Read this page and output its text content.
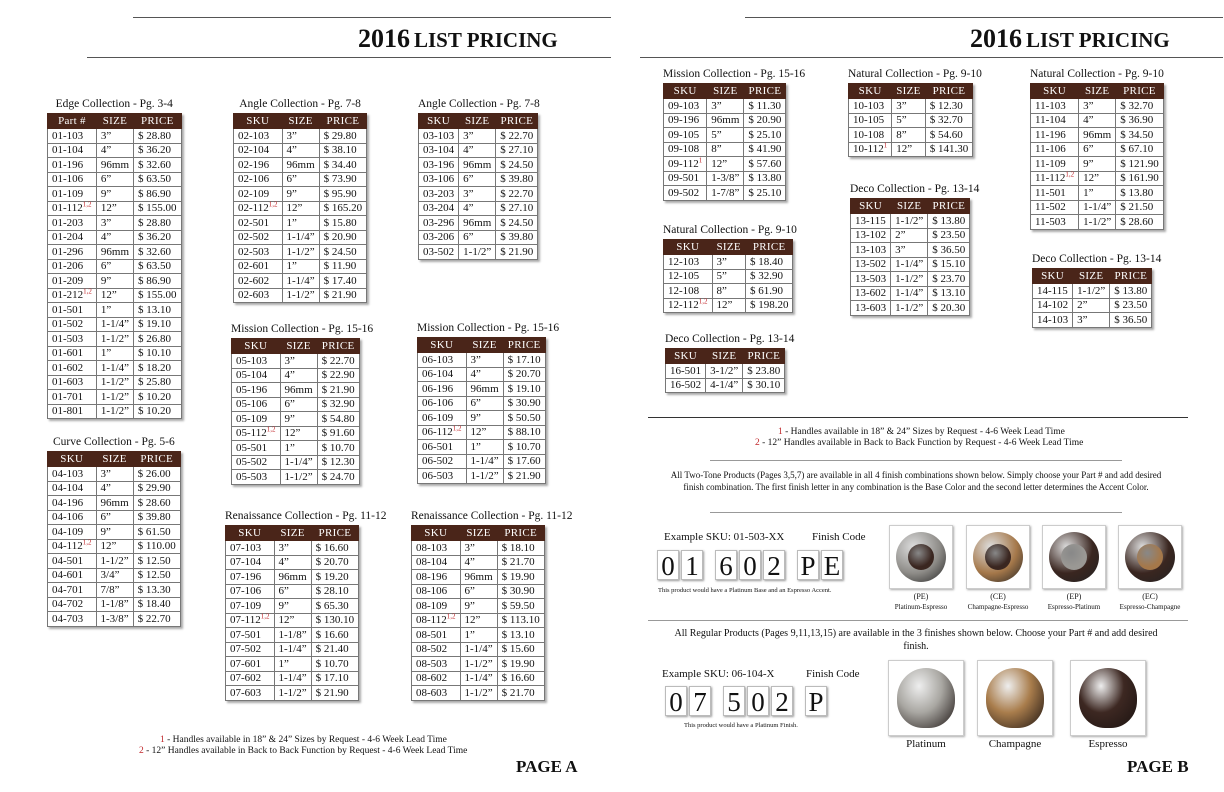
2016 LIST PRICING
Edge Collection - Pg. 3-4
Part #	SIZE	PRICE
01-103	3”	$ 28.80
01-104	4”	$ 36.20
01-196	96mm	$ 32.60
01-106	6”	$ 63.50
01-109	9”	$ 86.90
01-112$^{1,2}$	12”	$ 155.00
01-203	3”	$ 28.80
01-204	4”	$ 36.20
01-296	96mm	$ 32.60
01-206	6”	$ 63.50
01-209	9”	$ 86.90
01-212$^{1,2}$	12”	$ 155.00
01-501	1”	$ 13.10
01-502	1-1/4”	$ 19.10
01-503	1-1/2”	$ 26.80
01-601	1”	$ 10.10
01-602	1-1/4”	$ 18.20
01-603	1-1/2”	$ 25.80
01-701	1-1/2”	$ 10.20
01-801	1-1/2”	$ 10.20
Curve Collection - Pg. 5-6
SKU	SIZE	PRICE
04-103	3”	$ 26.00
04-104	4”	$ 29.90
04-196	96mm	$ 28.60
04-106	6”	$ 39.80
04-109	9”	$ 61.50
04-112$^{1,2}$	12”	$ 110.00
04-501	1-1/2”	$ 12.50
04-601	3/4”	$ 12.50
04-701	7/8”	$ 13.30
04-702	1-1/8”	$ 18.40
04-703	1-3/8”	$ 22.70
Angle Collection - Pg. 7-8
SKU	SIZE	PRICE
02-103	3”	$ 29.80
02-104	4”	$ 38.10
02-196	96mm	$ 34.40
02-106	6”	$ 73.90
02-109	9”	$ 95.90
02-112$^{1,2}$	12”	$ 165.20
02-501	1”	$ 15.80
02-502	1-1/4”	$ 20.90
02-503	1-1/2”	$ 24.50
02-601	1”	$ 11.90
02-602	1-1/4”	$ 17.40
02-603	1-1/2”	$ 21.90
Angle Collection - Pg. 7-8
SKU	SIZE	PRICE
03-103	3”	$ 22.70
03-104	4”	$ 27.10
03-196	96mm	$ 24.50
03-106	6”	$ 39.80
03-203	3”	$ 22.70
03-204	4”	$ 27.10
03-296	96mm	$ 24.50
03-206	6”	$ 39.80
03-502	1-1/2”	$ 21.90
Mission Collection - Pg. 15-16
SKU	SIZE	PRICE
05-103	3”	$ 22.70
05-104	4”	$ 22.90
05-196	96mm	$ 21.90
05-106	6”	$ 32.90
05-109	9”	$ 54.80
05-112$^{1,2}$	12”	$ 91.60
05-501	1”	$ 10.70
05-502	1-1/4”	$ 12.30
05-503	1-1/2”	$ 24.70
Mission Collection - Pg. 15-16
SKU	SIZE	PRICE
06-103	3”	$ 17.10
06-104	4”	$ 20.70
06-196	96mm	$ 19.10
06-106	6”	$ 30.90
06-109	9”	$ 50.50
06-112$^{1,2}$	12”	$ 88.10
06-501	1”	$ 10.70
06-502	1-1/4”	$ 17.60
06-503	1-1/2”	$ 21.90
Renaissance Collection - Pg. 11-12
SKU	SIZE	PRICE
07-103	3”	$ 16.60
07-104	4”	$ 20.70
07-196	96mm	$ 19.20
07-106	6”	$ 28.10
07-109	9”	$ 65.30
07-112$^{1,2}$	12”	$ 130.10
07-501	1-1/8”	$ 16.60
07-502	1-1/4”	$ 21.40
07-601	1”	$ 10.70
07-602	1-1/4”	$ 17.10
07-603	1-1/2”	$ 21.90
Renaissance Collection - Pg. 11-12
SKU	SIZE	PRICE
08-103	3”	$ 18.10
08-104	4”	$ 21.70
08-196	96mm	$ 19.90
08-106	6”	$ 30.90
08-109	9”	$ 59.50
08-112$^{1,2}$	12”	$ 113.10
08-501	1”	$ 13.10
08-502	1-1/4”	$ 15.60
08-503	1-1/2”	$ 19.90
08-602	1-1/4”	$ 16.60
08-603	1-1/2”	$ 21.70
1 - Handles available in 18” & 24” Sizes by Request - 4-6 Week Lead Time
2 - 12” Handles available in Back to Back Function by Request - 4-6 Week Lead Time
PAGE A
2016 LIST PRICING
Mission Collection - Pg. 15-16
SKU	SIZE	PRICE
09-103	3”	$ 11.30
09-196	96mm	$ 20.90
09-105	5”	$ 25.10
09-108	8”	$ 41.90
$09-112^1$	12”	$ 57.60
09-501	1-3/8”	$ 13.80
09-502	1-7/8”	$ 25.10
Natural Collection - Pg. 9-10
SKU	SIZE	PRICE
12-103	3”	$ 18.40
12-105	5”	$ 32.90
12-108	8”	$ 61.90
12-112$^{1,2}$	12”	$ 198.20
Deco Collection - Pg. 13-14
SKU	SIZE	PRICE
16-501	3-1/2”	$ 23.80
16-502	4-1/4”	$ 30.10
Natural Collection - Pg. 9-10
SKU	SIZE	PRICE
10-103	3”	$ 12.30
10-105	5”	$ 32.70
10-108	8”	$ 54.60
$10-112^1$	12”	$ 141.30
Deco Collection - Pg. 13-14
SKU	SIZE	PRICE
13-115	1-1/2”	$ 13.80
13-102	2”	$ 23.50
13-103	3”	$ 36.50
13-502	1-1/4”	$ 15.10
13-503	1-1/2”	$ 23.70
13-602	1-1/4”	$ 13.10
13-603	1-1/2”	$ 20.30
Natural Collection - Pg. 9-10
SKU	SIZE	PRICE
11-103	3”	$ 32.70
11-104	4”	$ 36.90
11-196	96mm	$ 34.50
11-106	6”	$ 67.10
11-109	9”	$ 121.90
11-112$^{1,2}$	12”	$ 161.90
11-501	1”	$ 13.80
11-502	1-1/4”	$ 21.50
11-503	1-1/2”	$ 28.60
Deco Collection - Pg. 13-14
SKU	SIZE	PRICE
14-115	1-1/2”	$ 13.80
14-102	2”	$ 23.50
14-103	3”	$ 36.50
1 - Handles available in 18” & 24” Sizes by Request - 4-6 Week Lead Time
2 - 12” Handles available in Back to Back Function by Request - 4-6 Week Lead Time
All Two-Tone Products (Pages 3,5,7) are available in all 4 finish combinations shown below. Simply choose your Part # and add desired finish combination. The first finish letter in any combination is the Base Color and the second letter determines the Accent Color.
Example SKU: 01-503-XX	Finish Code
0 1 6 0 2 P E
This product would have a Platinum Base and an Espresso Accent.
(PE)
Platinum-Espresso
(CE)
Champagne-Espresso
(EP)
Espresso-Platinum
(EC)
Espresso-Champagne
All Regular Products (Pages 9,11,13,15) are available in the 3 finishes shown below. Choose your Part # and add desired finish.
Example SKU: 06-104-X	Finish Code
0 7 5 0 2 P
This product would have a Platinum Finish.
Platinum	Champagne	Espresso
PAGE B
